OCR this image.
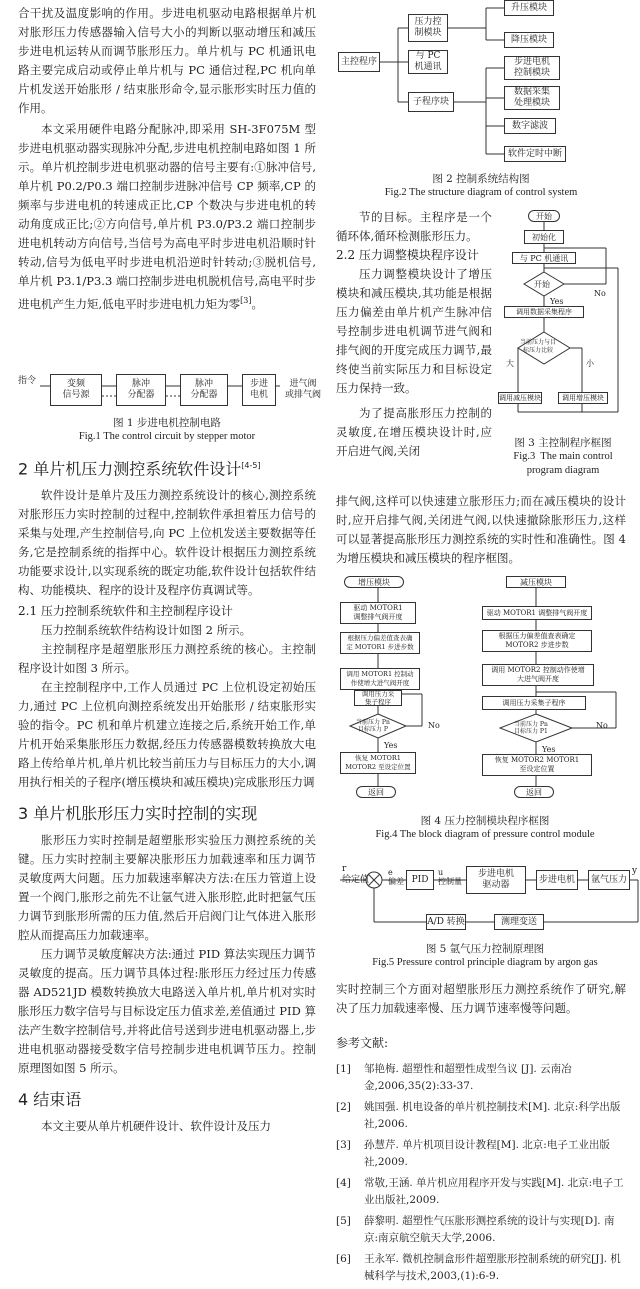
合干扰及温度影响的作用。步进电机驱动电路根据单片机对胀形压力传感器输入信号大小的判断以驱动增压和减压步进电机运转从而调节胀形压力。单片机与 PC 机通讯电路主要完成启动或停止单片机与 PC 通信过程,PC 机向单片机发送开始胀形 / 结束胀形命令,显示胀形实时压力值的作用。

本文采用硬件电路分配脉冲,即采用 SH-3F075M 型步进电机驱动器实现脉冲分配,步进电机控制电路如图 1 所示。单片机控制步进电机驱动器的信号主要有:①脉冲信号,单片机 P0.2/P0.3 端口控制步进脉冲信号 CP 频率,CP 的频率与步进电机的转速成正比,CP 个数决与步进电机的转动角度成正比;②方向信号,单片机 P3.0/P3.2 端口控制步进电机转动方向信号,当信号为高电平时步进电机沿顺时针转动,信号为低电平时步进电机沿逆时针转动;③脱机信号,单片机 P3.1/P3.3 端口控制步进电机脱机信号,高电平时步进电机产生力矩,低电平时步进电机力矩为零[3]。

指令	变频
信号源
脉冲
分配器
脉冲
分配器
步进
电机
进气阀
或排气阀

图 1 步进电机控制电路

Fig.1 The control circuit by stepper motor

2 单片机压力测控系统软件设计[4-5]

软件设计是单片及压力测控系统设计的核心,测控系统对胀形压力实时控制的过程中,控制软件承担着压力信号的采集与处理,产生控制信号,向 PC 上位机发送主要数据等任务,它是控制系统的指挥中心。软件设计根据压力测控系统功能要求设计,以实现系统的既定功能,软件设计包括软件结构、功能模块、程序的设计及程序仿真调试等。

2.1 压力控制系统软件和主控制程序设计

压力控制系统软件结构设计如图 2 所示。

主控制程序是超塑胀形压力测控系统的核心。主控制程序设计如图 3 所示。

在主控制程序中,工作人员通过 PC 上位机设定初始压力,通过 PC 上位机向测控系统发出开始胀形 / 结束胀形实验的指令。PC 机和单片机建立连接之后,系统开始工作,单片机开始采集胀形压力数据,经压力传感器模数转换放大电路上传给单片机,单片机比较当前压力与目标压力的大小,调用执行相关的子程序(增压模块和减压模块)完成胀形压力调

3 单片机胀形压力实时控制的实现

胀形压力实时控制是超塑胀形实验压力测控系统的关键。压力实时控制主要解决胀形压力加载速率和压力调节灵敏度两大问题。压力加载速率解决方法:在压力管道上设置一个阀门,胀形之前先不让氩气进入胀形腔,此时把氩气压力调节到胀形所需的压力值,然后开启阀门让气体进入胀形腔从而提高压力加载速率。

压力调节灵敏度解决方法:通过 PID 算法实现压力调节灵敏度的提高。压力调节具体过程:胀形压力经过压力传感器 AD521JD 模数转换放大电路送入单片机,单片机对实时胀形压力数字信号与目标设定压力值求差,差值通过 PID 算法产生数字控制信号,并将此信号送到步进电机驱动器上,步进电机驱动器接受数字信号控制步进电机调节压力。控制原理图如图 5 所示。

4 结束语

本文主要从单片机硬件设计、软件设计及压力

主控程序
压力控
制模块
与 PC
机通讯
子程序块
升压模块
降压模块
步进电机
控制模块
数据采集
处理模块
数字滤波
软件定时中断

图 2 控制系统结构图

Fig.2 The structure diagram of control system

节的目标。主程序是一个循环体,循环检测胀形压力。

2.2 压力调整模块程序设计

压力调整模块设计了增压模块和减压模块,其功能是根据压力偏差由单片机产生脉冲信号控制步进电机调节进气阀和排气阀的开度完成压力调节,最终使当前实际压力和目标设定压力保持一致。

为了提高胀形压力控制的灵敏度,在增压模块设计时,应开启进气阀,关闭

开始
初始化
与 PC 机通讯
开始
No
Yes
调用数据采集程序
当前压力与目
标压力比较
大	小
调用减压模块	调用增压模块

图 3 主控制程序框图

Fig.3  The main control
program diagram

排气阀,这样可以快速建立胀形压力;而在减压模块的设计时,应开启排气阀,关闭进气阀,以快速撤除胀形压力,这样可以显著提高胀形压力测控系统的实时性和准确性。图 4 为增压模块和减压模块的程序框图。

增压模块
驱动 MOTOR1
调整排气阀开度
根据压力偏差值查表确
定 MOTOR1 步进步数
调用 MOTOR1 控制动
作使增大进气阀开度
调用压力采
集子程序
当前压力 Pn
目标压力 P	No
Yes
恢复 MOTOR1
MOTOR2 至设定位置
返回
减压模块
驱动 MOTOR1 调整排气阀开度
根据压力偏差值查表确定
MOTOR2 步进步数
调用 MOTOR2 控制动作使增
大进气阀开度
调用压力采集子程序
当前压力 Pn
目标压力 P1
No
Yes
恢复 MOTOR2 MOTOR1
至设定位置
返回

图 4 压力控制模块程序框图

Fig.4 The block diagram of pressure control module

r
给定值
e
偏差 PID
u
控制量
步进电机
驱动器
步进电机	氩气压力
y
A/D 转换	测理变送

图 5 氩气压力控制原理图

Fig.5 Pressure control principle diagram by argon gas

实时控制三个方面对超塑胀形压力测控系统作了研究,解决了压力加载速率慢、压力调节速率慢等问题。

参考文献:

[1]	邹艳梅. 超塑性和超塑性成型刍议 [J]. 云南冶金,2006,35(2):33-37.

[2]	姚国强. 机电设备的单片机控制技术[M]. 北京:科学出版社,2006.

[3]	孙慧芹. 单片机项目设计教程[M]. 北京:电子工业出版社,2009.

[4]	常敬,王涵. 单片机应用程序开发与实践[M]. 北京:电子工业出版社,2009.

[5]	薛黎明. 超塑性气压胀形测控系统的设计与实现[D]. 南京:南京航空航天大学,2006.

[6]	王永军. 微机控制盒形件超塑胀形控制系统的研究[J]. 机械科学与技术,2003,(1):6-9.
